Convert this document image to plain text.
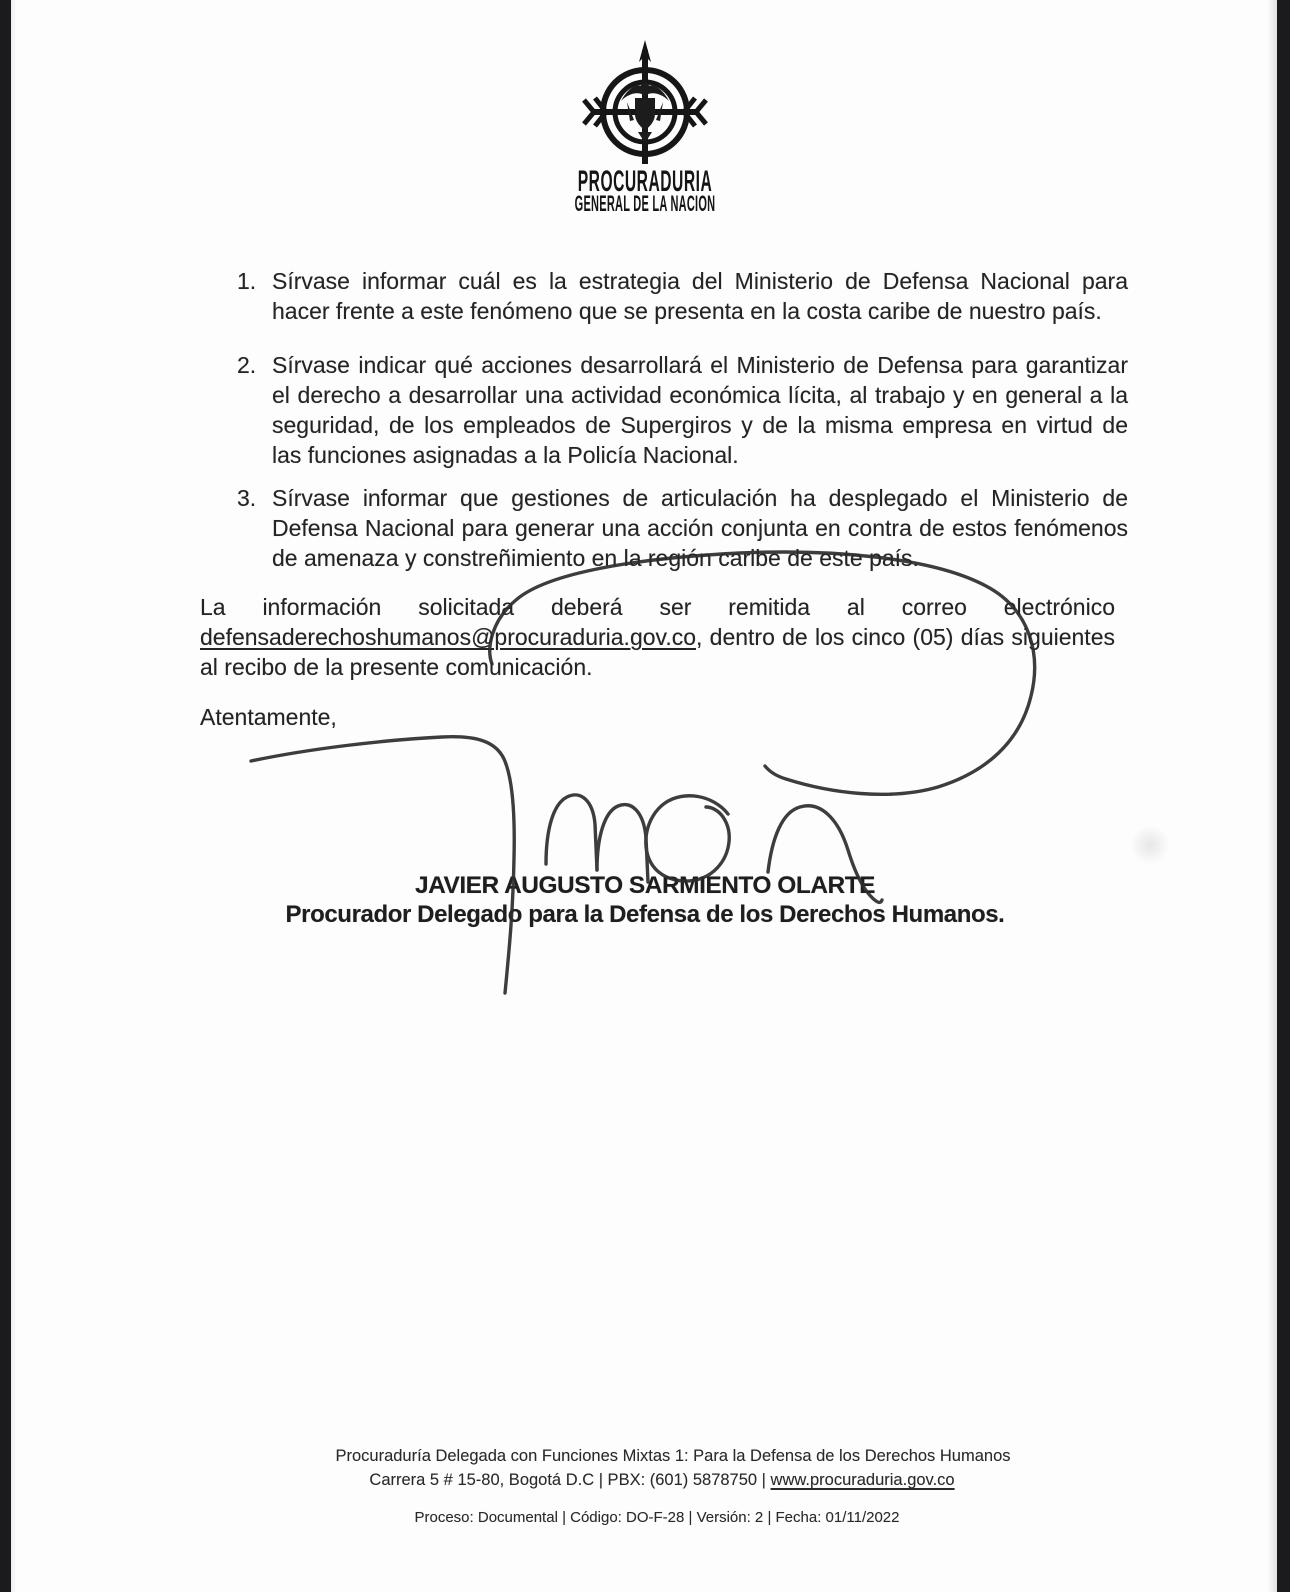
PROCURADURIA
GENERAL DE LA NACION
1. Sírvase informar cuál es la estrategia del Ministerio de Defensa Nacional para
hacer frente a este fenómeno que se presenta en la costa caribe de nuestro país.
2. Sírvase indicar qué acciones desarrollará el Ministerio de Defensa para garantizar
el derecho a desarrollar una actividad económica lícita, al trabajo y en general a la
seguridad, de los empleados de Supergiros y de la misma empresa en virtud de
las funciones asignadas a la Policía Nacional.
3. Sírvase informar que gestiones de articulación ha desplegado el Ministerio de
Defensa Nacional para generar una acción conjunta en contra de estos fenómenos
de amenaza y constreñimiento en la región caribe de este país.
La información solicitada deberá ser remitida al correo electrónico
defensaderechoshumanos@procuraduria.gov.co, dentro de los cinco (05) días siguientes
al recibo de la presente comunicación.
Atentamente,
JAVIER AUGUSTO SARMIENTO OLARTE
Procurador Delegado para la Defensa de los Derechos Humanos.
Procuraduría Delegada con Funciones Mixtas 1: Para la Defensa de los Derechos Humanos
Carrera 5 # 15-80, Bogotá D.C | PBX: (601) 5878750 | www.procuraduria.gov.co
Proceso: Documental | Código: DO-F-28 | Versión: 2 | Fecha: 01/11/2022
